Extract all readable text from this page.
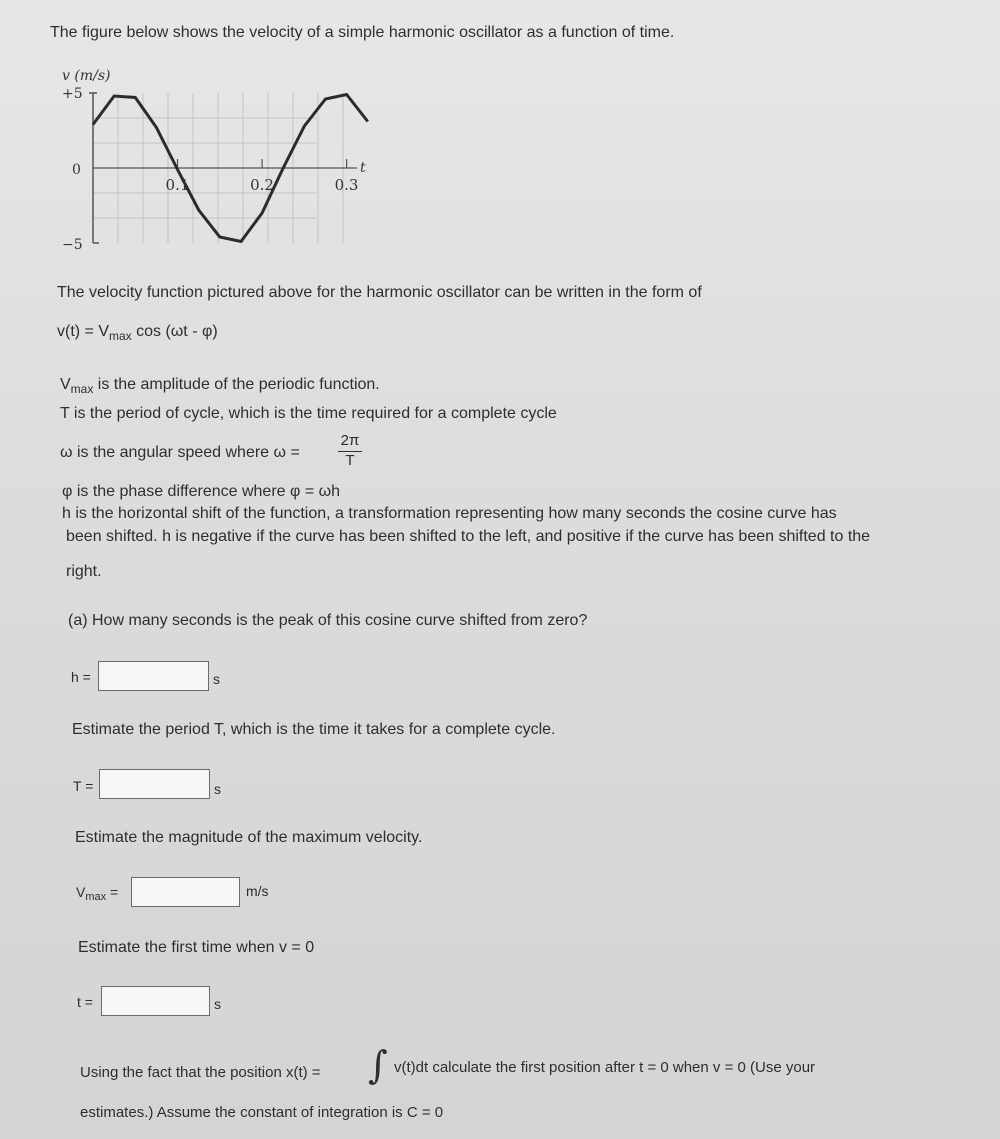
The figure below shows the velocity of a simple harmonic oscillator as a function of time.
0.1	0.2	0.3
v (m/s)
+5
0
−5
t
The velocity function pictured above for the harmonic oscillator can be written in the form of
$v(t) = V_{max}$ cos (ωt - φ)
$V_{max}$ is the amplitude of the periodic function.
T is the period of cycle, which is the time required for a complete cycle
ω is the angular speed where ω =	$\frac{2\pi}{T}$
φ is the phase difference where φ = ωh
h is the horizontal shift of the function, a transformation representing how many seconds the cosine curve has
been shifted. h is negative if the curve has been shifted to the left, and positive if the curve has been shifted to the
right.
(a) How many seconds is the peak of this cosine curve shifted from zero?
h =	s
Estimate the period T, which is the time it takes for a complete cycle.
T =	s
Estimate the magnitude of the maximum velocity.
$V_{max}$ =	m/s
Estimate the first time when v = 0
t =	s
Using the fact that the position x(t) = ∫ v(t)dt calculate the first position after t = 0 when v = 0 (Use your
estimates.) Assume the constant of integration is C = 0
